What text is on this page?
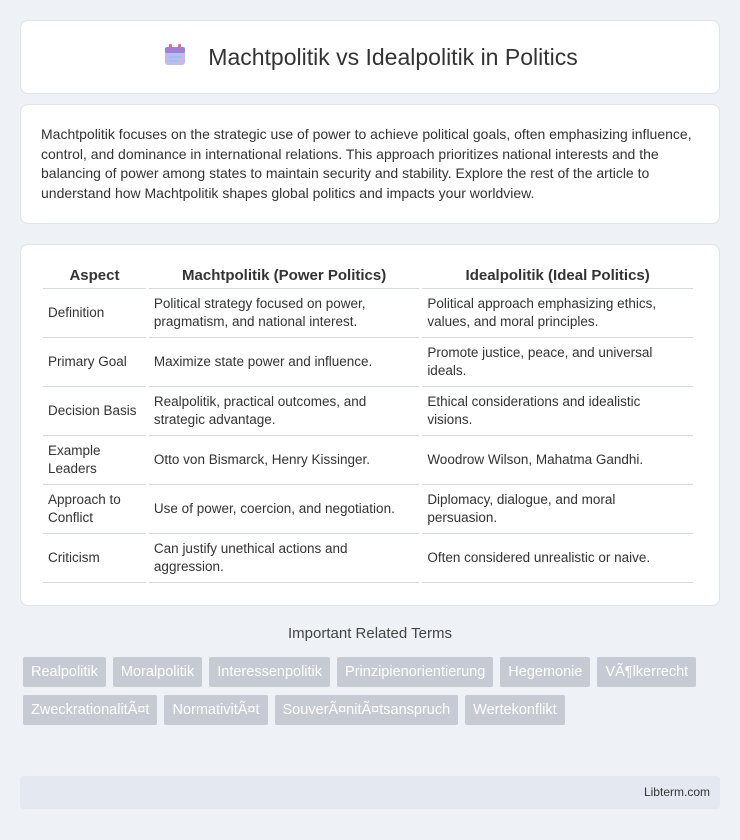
Machtpolitik vs Idealpolitik in Politics

Machtpolitik focuses on the strategic use of power to achieve political goals, often emphasizing influence, control, and dominance in international relations. This approach prioritizes national interests and the balancing of power among states to maintain security and stability. Explore the rest of the article to understand how Machtpolitik shapes global politics and impacts your worldview.

Aspect	Machtpolitik (Power Politics)	Idealpolitik (Ideal Politics)
Definition	Political strategy focused on power, pragmatism, and national interest.	Political approach emphasizing ethics, values, and moral principles.
Primary Goal	Maximize state power and influence.	Promote justice, peace, and universal ideals.
Decision Basis	Realpolitik, practical outcomes, and strategic advantage.	Ethical considerations and idealistic visions.
Example Leaders	Otto von Bismarck, Henry Kissinger.	Woodrow Wilson, Mahatma Gandhi.
Approach to Conflict	Use of power, coercion, and negotiation.	Diplomacy, dialogue, and moral persuasion.
Criticism	Can justify unethical actions and aggression.	Often considered unrealistic or naive.
Important Related Terms
Realpolitik	Moralpolitik	Interessenpolitik	Prinzipienorientierung	Hegemonie	VÃ¶lkerrecht
ZweckrationalitÃ¤t	NormativitÃ¤t	SouverÃ¤nitÃ¤tsanspruch	Wertekonflikt
Libterm.com
